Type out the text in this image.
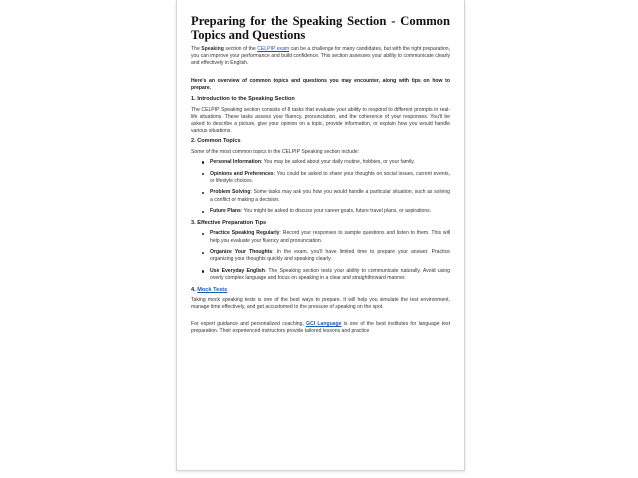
Preparing for the Speaking Section - Common Topics and Questions

The Speaking section of the CELPIP exam can be a challenge for many candidates, but with the right preparation, you can improve your performance and build confidence. This section assesses your ability to communicate clearly and effectively in English.

Here's an overview of common topics and questions you may encounter, along with tips on how to prepare.

1. Introduction to the Speaking Section

The CELPIP Speaking section consists of 8 tasks that evaluate your ability to respond to different prompts in real-life situations. These tasks assess your fluency, pronunciation, and the coherence of your responses. You'll be asked to describe a picture, give your opinion on a topic, provide information, or explain how you would handle various situations.

2. Common Topics

Some of the most common topics in the CELPIP Speaking section include:

Personal Information: You may be asked about your daily routine, hobbies, or your family.
Opinions and Preferences: You could be asked to share your thoughts on social issues, current events, or lifestyle choices.
Problem Solving: Some tasks may ask you how you would handle a particular situation, such as solving a conflict or making a decision.
Future Plans: You might be asked to discuss your career goals, future travel plans, or aspirations.
3. Effective Preparation Tips
Practice Speaking Regularly: Record your responses to sample questions and listen to them. This will help you evaluate your fluency and pronunciation.
Organize Your Thoughts: In the exam, you'll have limited time to prepare your answer. Practice organizing your thoughts quickly and speaking clearly.
Use Everyday English: The Speaking section tests your ability to communicate naturally. Avoid using overly complex language and focus on speaking in a clear and straightforward manner.
4. Mock Tests

Taking mock speaking tests is one of the best ways to prepare. It will help you simulate the test environment, manage time effectively, and get accustomed to the pressure of speaking on the spot.

For expert guidance and personalized coaching, GCI Language is one of the best institutes for language test preparation. Their experienced instructors provide tailored lessons and practice
